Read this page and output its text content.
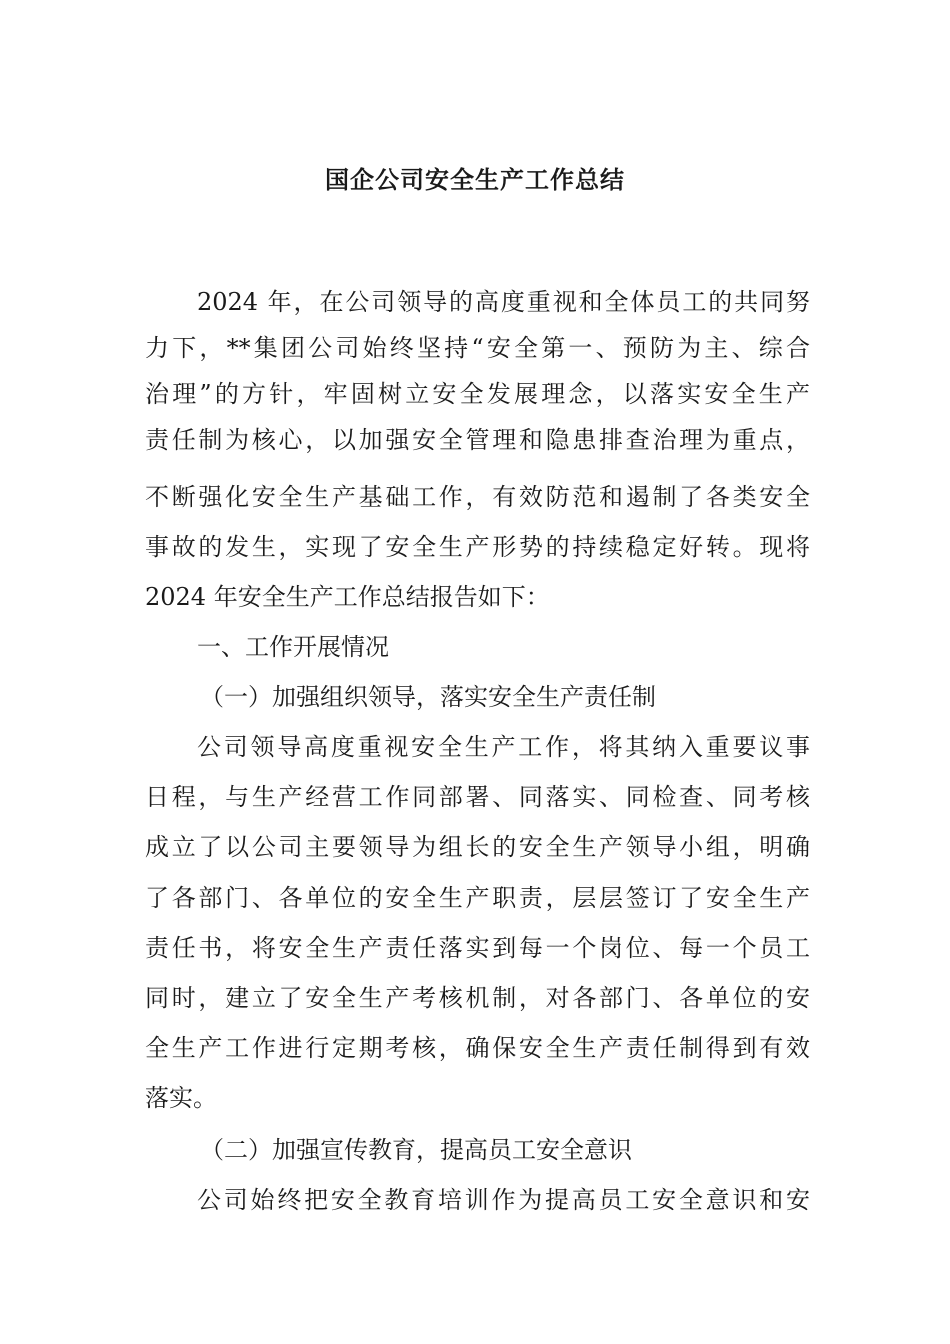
国企公司安全生产工作总结

2024 年，在公司领导的高度重视和全体员工的共同努

力下，**集团公司始终坚持“安全第一、预防为主、综合

治理”的方针，牢固树立安全发展理念，以落实安全生产

责任制为核心，以加强安全管理和隐患排查治理为重点，

不断强化安全生产基础工作，有效防范和遏制了各类安全

事故的发生，实现了安全生产形势的持续稳定好转。现将

2024 年安全生产工作总结报告如下：

一、工作开展情况

（一）加强组织领导，落实安全生产责任制

公司领导高度重视安全生产工作，将其纳入重要议事

日程，与生产经营工作同部署、同落实、同检查、同考核

成立了以公司主要领导为组长的安全生产领导小组，明确

了各部门、各单位的安全生产职责，层层签订了安全生产

责任书，将安全生产责任落实到每一个岗位、每一个员工

同时，建立了安全生产考核机制，对各部门、各单位的安

全生产工作进行定期考核，确保安全生产责任制得到有效

落实。

（二）加强宣传教育，提高员工安全意识

公司始终把安全教育培训作为提高员工安全意识和安
